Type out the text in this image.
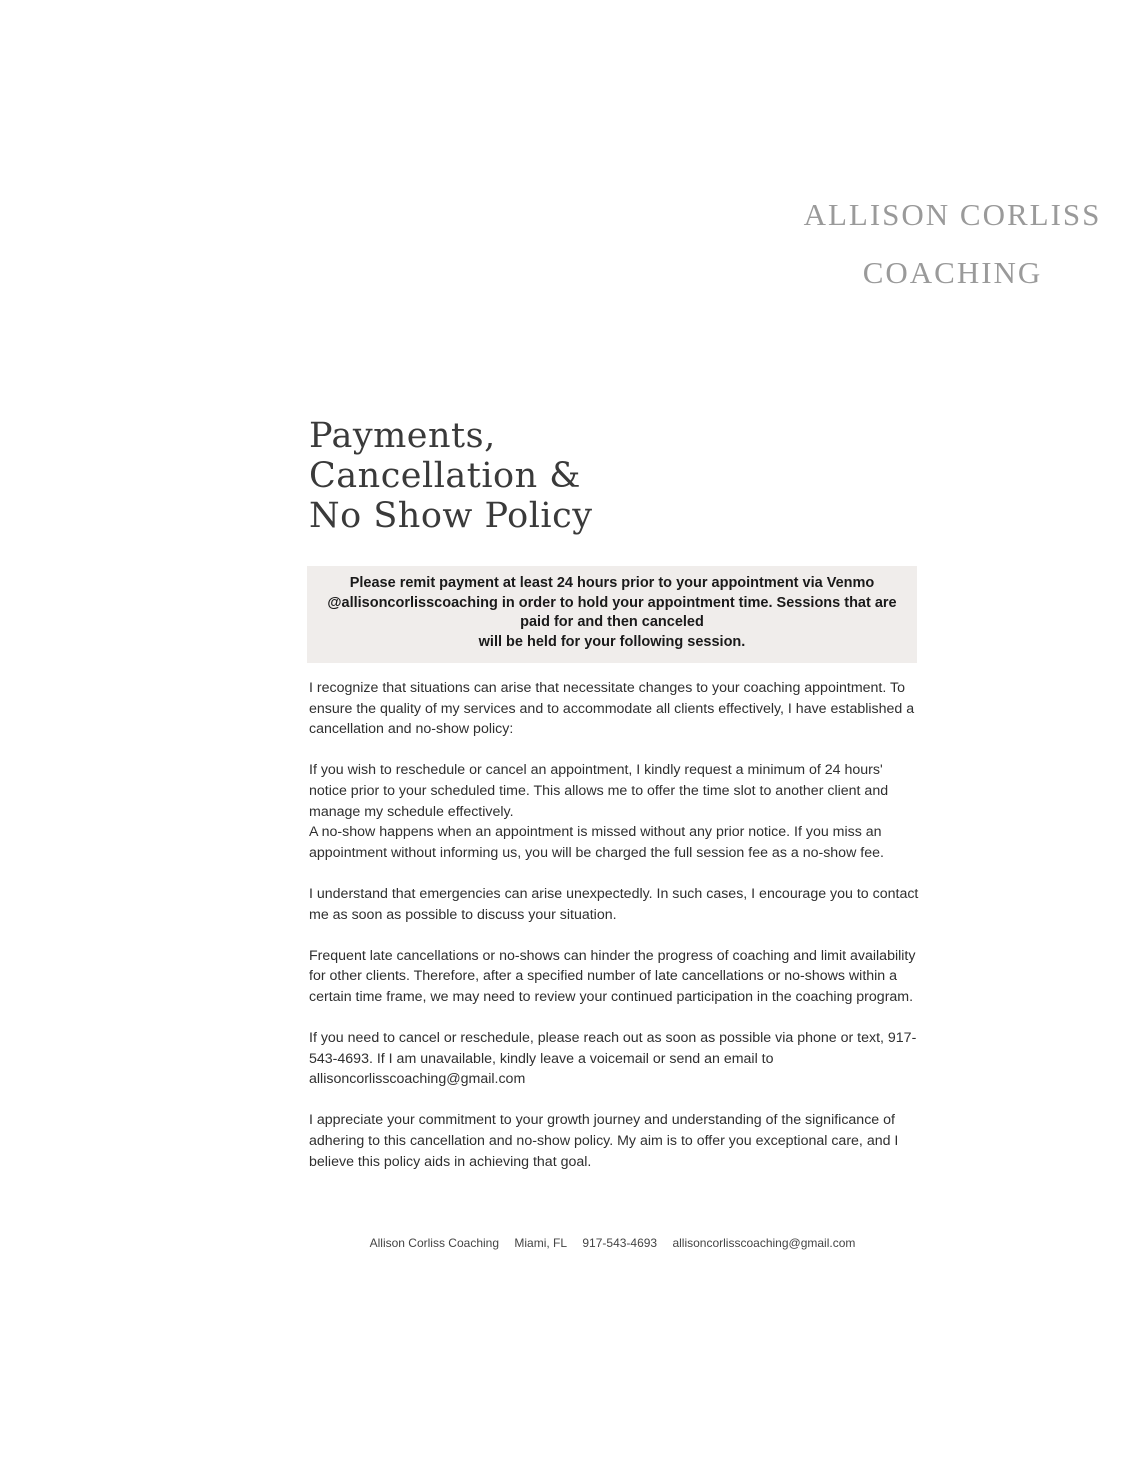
ALLISON CORLISS
COACHING
Payments,
Cancellation &
No Show Policy
Please remit payment at least 24 hours prior to your appointment via Venmo
@allisoncorlisscoaching in order to hold your appointment time. Sessions that are paid for and then canceled
will be held for your following session.

I recognize that situations can arise that necessitate changes to your coaching appointment. To ensure the quality of my services and to accommodate all clients effectively, I have established a cancellation and no-show policy:

If you wish to reschedule or cancel an appointment, I kindly request a minimum of 24 hours' notice prior to your scheduled time. This allows me to offer the time slot to another client and manage my schedule effectively.

A no-show happens when an appointment is missed without any prior notice. If you miss an appointment without informing us, you will be charged the full session fee as a no-show fee.

I understand that emergencies can arise unexpectedly. In such cases, I encourage you to contact me as soon as possible to discuss your situation.

Frequent late cancellations or no-shows can hinder the progress of coaching and limit availability for other clients. Therefore, after a specified number of late cancellations or no-shows within a certain time frame, we may need to review your continued participation in the coaching program.

If you need to cancel or reschedule, please reach out as soon as possible via phone or text, 917-543-4693. If I am unavailable, kindly leave a voicemail or send an email to allisoncorlisscoaching@gmail.com

I appreciate your commitment to your growth journey and understanding of the significance of adhering to this cancellation and no-show policy. My aim is to offer you exceptional care, and I believe this policy aids in achieving that goal.

Allison Corliss Coaching Miami, FL 917-543-4693 allisoncorlisscoaching@gmail.com
